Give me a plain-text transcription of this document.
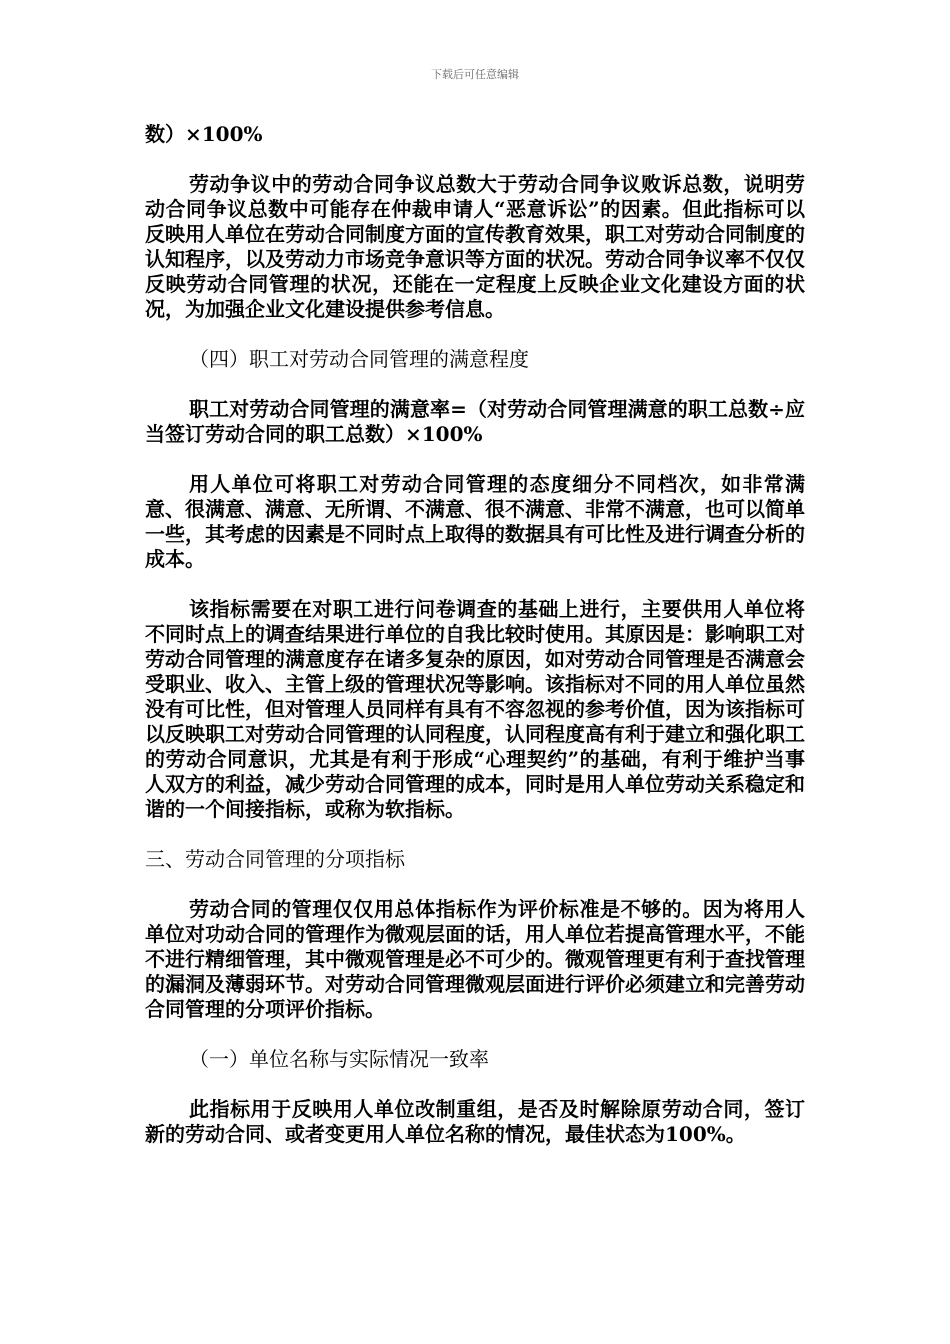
下载后可任意编辑

数）×100%

劳动争议中的劳动合同争议总数大于劳动合同争议败诉总数，说明劳动合同争议总数中可能存在仲裁申请人“恶意诉讼”的因素。但此指标可以反映用人单位在劳动合同制度方面的宣传教育效果，职工对劳动合同制度的认知程序，以及劳动力市场竞争意识等方面的状况。劳动合同争议率不仅仅反映劳动合同管理的状况，还能在一定程度上反映企业文化建设方面的状况，为加强企业文化建设提供参考信息。

（四）职工对劳动合同管理的满意程度

职工对劳动合同管理的满意率=（对劳动合同管理满意的职工总数÷应当签订劳动合同的职工总数）×100%

用人单位可将职工对劳动合同管理的态度细分不同档次，如非常满意、很满意、满意、无所谓、不满意、很不满意、非常不满意，也可以简单一些，其考虑的因素是不同时点上取得的数据具有可比性及进行调查分析的成本。

该指标需要在对职工进行问卷调查的基础上进行，主要供用人单位将不同时点上的调查结果进行单位的自我比较时使用。其原因是：影响职工对劳动合同管理的满意度存在诸多复杂的原因，如对劳动合同管理是否满意会受职业、收入、主管上级的管理状况等影响。该指标对不同的用人单位虽然没有可比性，但对管理人员同样有具有不容忽视的参考价值，因为该指标可以反映职工对劳动合同管理的认同程度，认同程度高有利于建立和强化职工的劳动合同意识，尤其是有利于形成“心理契约”的基础，有利于维护当事人双方的利益，减少劳动合同管理的成本，同时是用人单位劳动关系稳定和谐的一个间接指标，或称为软指标。

三、劳动合同管理的分项指标

劳动合同的管理仅仅用总体指标作为评价标准是不够的。因为将用人单位对功动合同的管理作为微观层面的话，用人单位若提高管理水平，不能不进行精细管理，其中微观管理是必不可少的。微观管理更有利于查找管理的漏洞及薄弱环节。对劳动合同管理微观层面进行评价必须建立和完善劳动合同管理的分项评价指标。

（一）单位名称与实际情况一致率

此指标用于反映用人单位改制重组，是否及时解除原劳动合同，签订新的劳动合同、或者变更用人单位名称的情况，最佳状态为100%。
